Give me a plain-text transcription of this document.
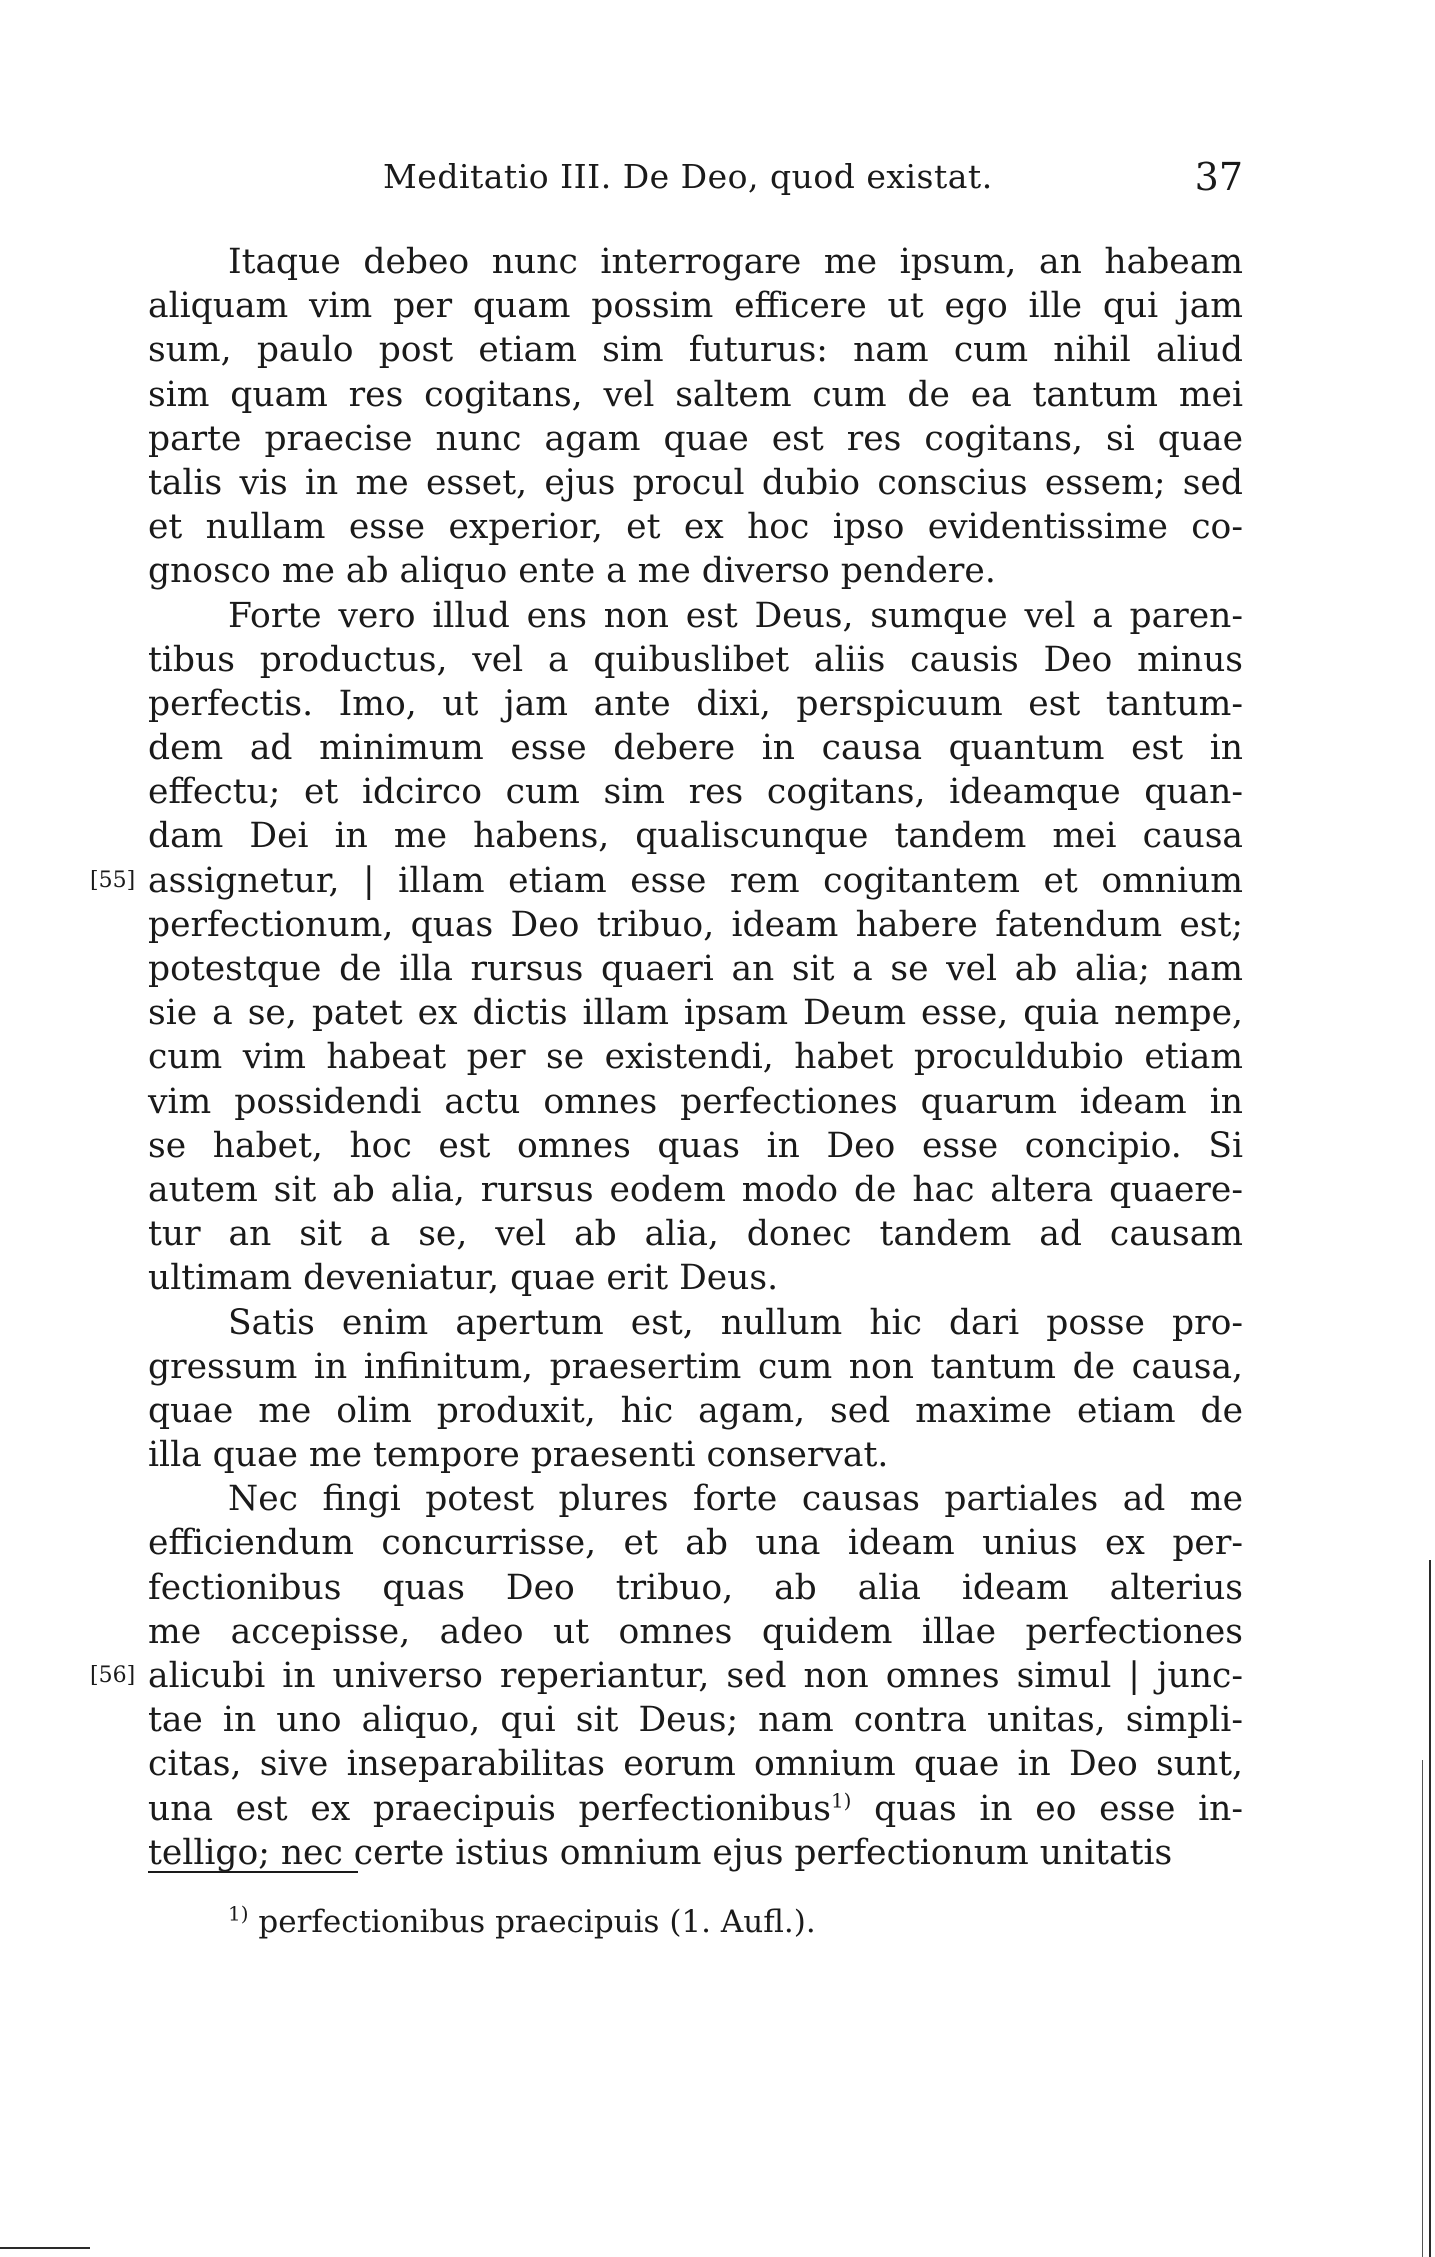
Meditatio III. De Deo, quod existat.	37
Itaque debeo nunc interrogare me ipsum, an habeam
aliquam vim per quam possim efficere ut ego ille qui jam
sum, paulo post etiam sim futurus: nam cum nihil aliud
sim quam res cogitans, vel saltem cum de ea tantum mei
parte praecise nunc agam quae est res cogitans, si quae
talis vis in me esset, ejus procul dubio conscius essem; sed
et nullam esse experior, et ex hoc ipso evidentissime co-
gnosco me ab aliquo ente a me diverso pendere.
Forte vero illud ens non est Deus, sumque vel a paren-
tibus productus, vel a quibuslibet aliis causis Deo minus
perfectis. Imo, ut jam ante dixi, perspicuum est tantum-
dem ad minimum esse debere in causa quantum est in
effectu; et idcirco cum sim res cogitans, ideamque quan-
dam Dei in me habens, qualiscunque tandem mei causa
assignetur, | illam etiam esse rem cogitantem et omnium
[55]
perfectionum, quas Deo tribuo, ideam habere fatendum est;
potestque de illa rursus quaeri an sit a se vel ab alia; nam
sie a se, patet ex dictis illam ipsam Deum esse, quia nempe,
cum vim habeat per se existendi, habet proculdubio etiam
vim possidendi actu omnes perfectiones quarum ideam in
se habet, hoc est omnes quas in Deo esse concipio. Si
autem sit ab alia, rursus eodem modo de hac altera quaere-
tur an sit a se, vel ab alia, donec tandem ad causam
ultimam deveniatur, quae erit Deus.
Satis enim apertum est, nullum hic dari posse pro-
gressum in infinitum, praesertim cum non tantum de causa,
quae me olim produxit, hic agam, sed maxime etiam de
illa quae me tempore praesenti conservat.
Nec fingi potest plures forte causas partiales ad me
efficiendum concurrisse, et ab una ideam unius ex per-
fectionibus quas Deo tribuo, ab alia ideam alterius
me accepisse, adeo ut omnes quidem illae perfectiones
alicubi in universo reperiantur, sed non omnes simul | junc-
[56]
tae in uno aliquo, qui sit Deus; nam contra unitas, simpli-
citas, sive inseparabilitas eorum omnium quae in Deo sunt,
una est ex praecipuis perfectionibus$^{1)}$ quas in eo esse in-
telligo; nec certe istius omnium ejus perfectionum unitatis
$^{1)}$ perfectionibus praecipuis (1. Aufl.).
